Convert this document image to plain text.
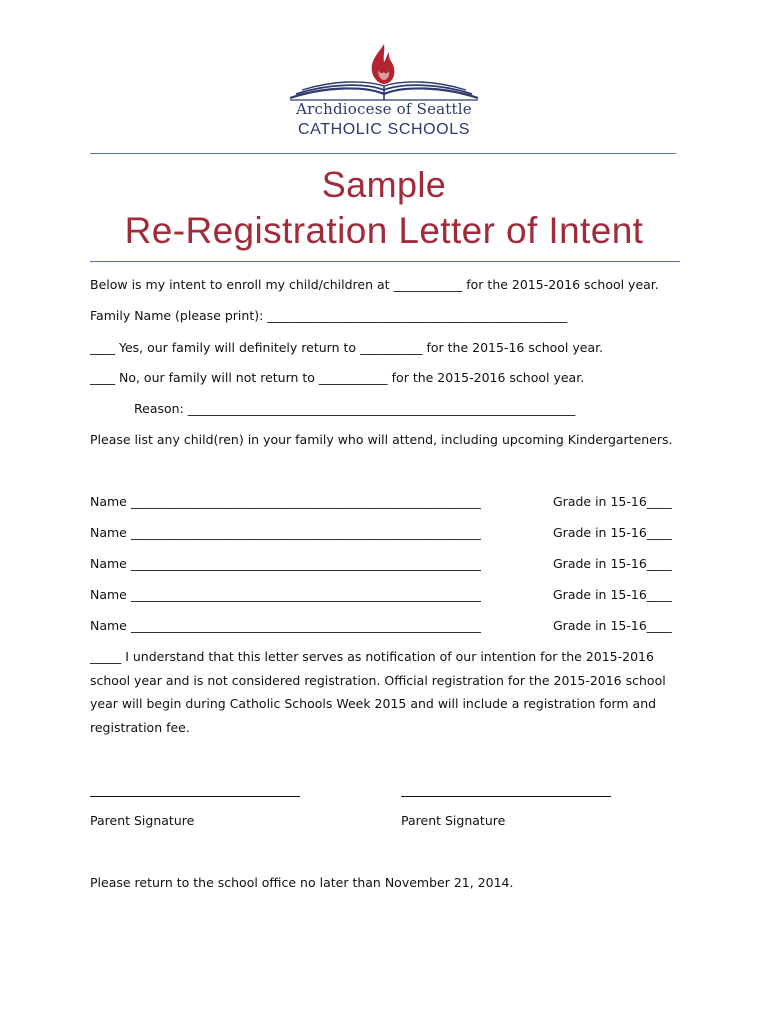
Archdiocese of Seattle
CATHOLIC SCHOOLS
Sample
Re-Registration Letter of Intent
Below is my intent to enroll my child/children at ___________ for the 2015-2016 school year.
Family Name (please print): ________________________________________________
____ Yes, our family will definitely return to __________ for the 2015-16 school year.
____ No, our family will not return to ___________ for the 2015-2016 school year.
Reason: ______________________________________________________________
Please list any child(ren) in your family who will attend, including upcoming Kindergarteners.
Name ________________________________________________________	Grade in 15-16____
Name ________________________________________________________	Grade in 15-16____
Name ________________________________________________________	Grade in 15-16____
Name ________________________________________________________	Grade in 15-16____
Name ________________________________________________________	Grade in 15-16____
_____ I understand that this letter serves as notification of our intention for the 2015-2016 school year and is not considered registration. Official registration for the 2015-2016 school year will begin during Catholic Schools Week 2015 and will include a registration form and registration fee.
Parent Signature	Parent Signature
Please return to the school office no later than November 21, 2014.
